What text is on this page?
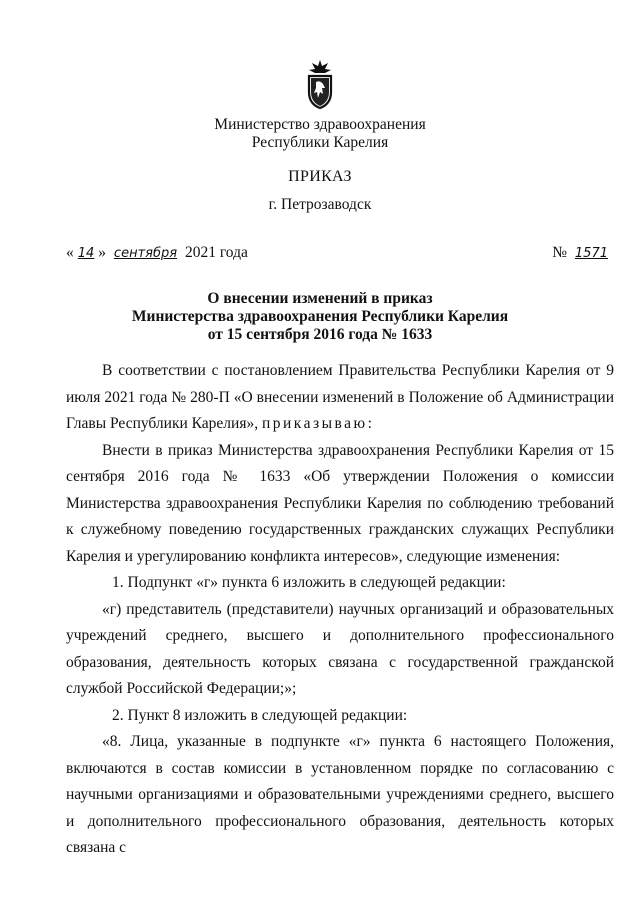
Министерство здравоохранения
Республики Карелия
ПРИКАЗ
г. Петрозаводск
« 14 » сентября 2021 года	№ 1571
О внесении изменений в приказ
Министерства здравоохранения Республики Карелия
от 15 сентября 2016 года № 1633

В соответствии с постановлением Правительства Республики Карелия от 9 июля 2021 года № 280-П «О внесении изменений в Положение об Администрации Главы Республики Карелия», приказываю:

Внести в приказ Министерства здравоохранения Республики Карелия от 15 сентября 2016 года № 1633 «Об утверждении Положения о комиссии Министерства здравоохранения Республики Карелия по соблюдению требований к служебному поведению государственных гражданских служащих Республики Карелия и урегулированию конфликта интересов», следующие изменения:

1. Подпункт «г» пункта 6 изложить в следующей редакции:

«г) представитель (представители) научных организаций и образовательных учреждений среднего, высшего и дополнительного профессионального образования, деятельность которых связана с государственной гражданской службой Российской Федерации;»;

2. Пункт 8 изложить в следующей редакции:

«8. Лица, указанные в подпункте «г» пункта 6 настоящего Положения, включаются в состав комиссии в установленном порядке по согласованию с научными организациями и образовательными учреждениями среднего, высшего и дополнительного профессионального образования, деятельность которых связана с
